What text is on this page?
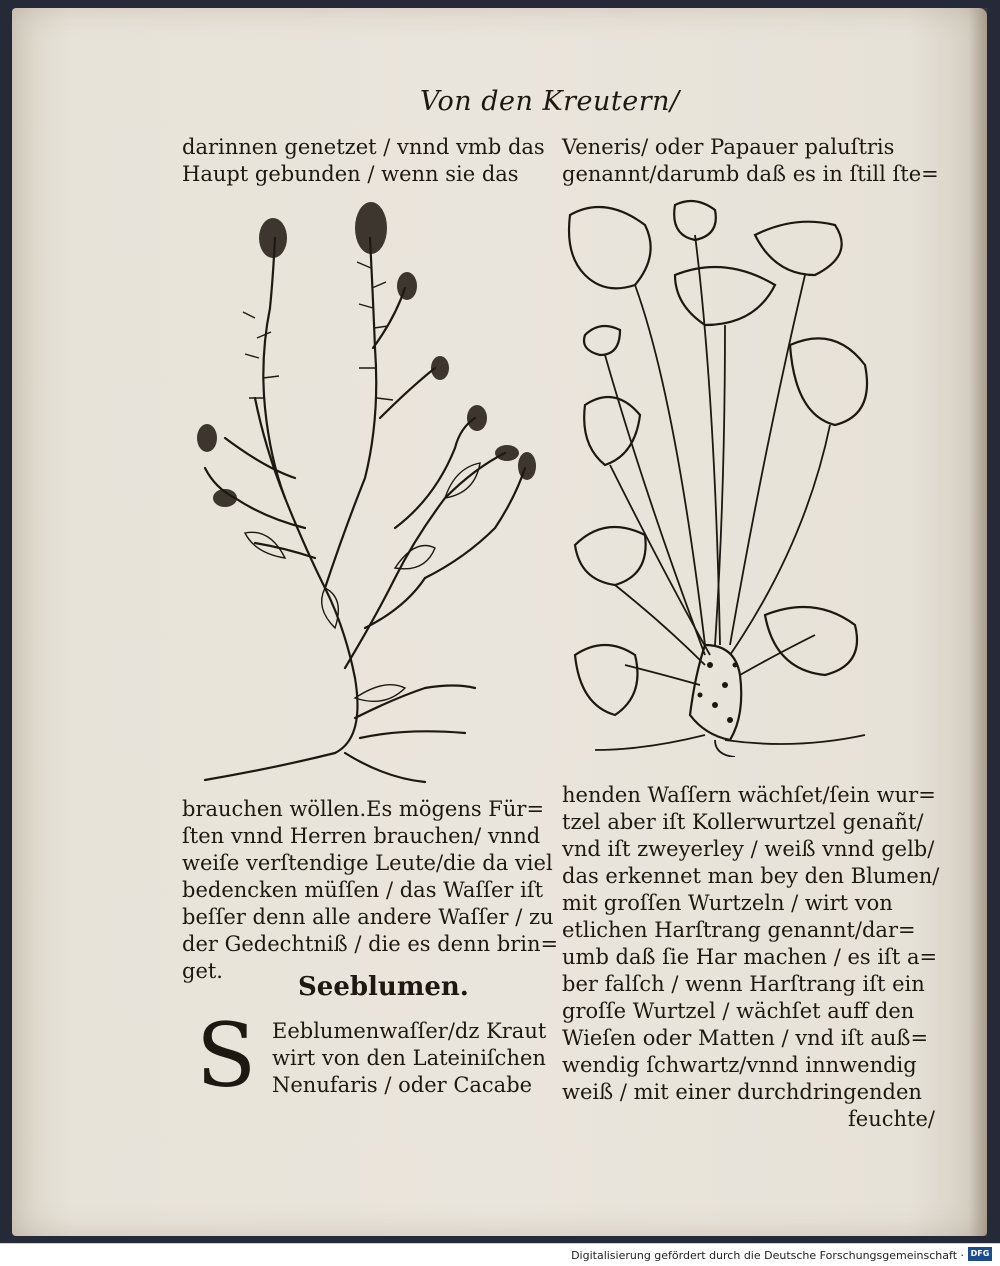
Von den Kreutern/
darinnen genetzet / vnnd vmb das
Haupt gebunden / wenn sie das
Veneris/ oder Papauer paluſtris
genannt/darumb daß es in ſtill ſte=
brauchen wöllen.Es mögens Für=
ſten vnnd Herren brauchen/ vnnd
weiſe verſtendige Leute/die da viel
bedencken müſſen / das Waſſer iſt
beſſer denn alle andere Waſſer / zu
der Gedechtniß / die es denn brin=
get.
Seeblumen.
S Eeblumenwaſſer/dz Kraut
wirt von den Lateiniſchen
Nenufaris / oder Cacabe
henden Waſſern wächſet/ſein wur=
tzel aber iſt Kollerwurtzel genañt/
vnd iſt zweyerley / weiß vnnd gelb/
das erkennet man bey den Blumen/
mit groſſen Wurtzeln / wirt von
etlichen Harſtrang genannt/dar=
umb daß ſie Har machen / es iſt a=
ber falſch / wenn Harſtrang iſt ein
groſſe Wurtzel / wächſet auff den
Wieſen oder Matten / vnd iſt auß=
wendig ſchwartz/vnnd innwendig
weiß / mit einer durchdringenden
feuchte/
Digitalisierung gefördert durch die Deutsche Forschungsgemeinschaft · DFG
